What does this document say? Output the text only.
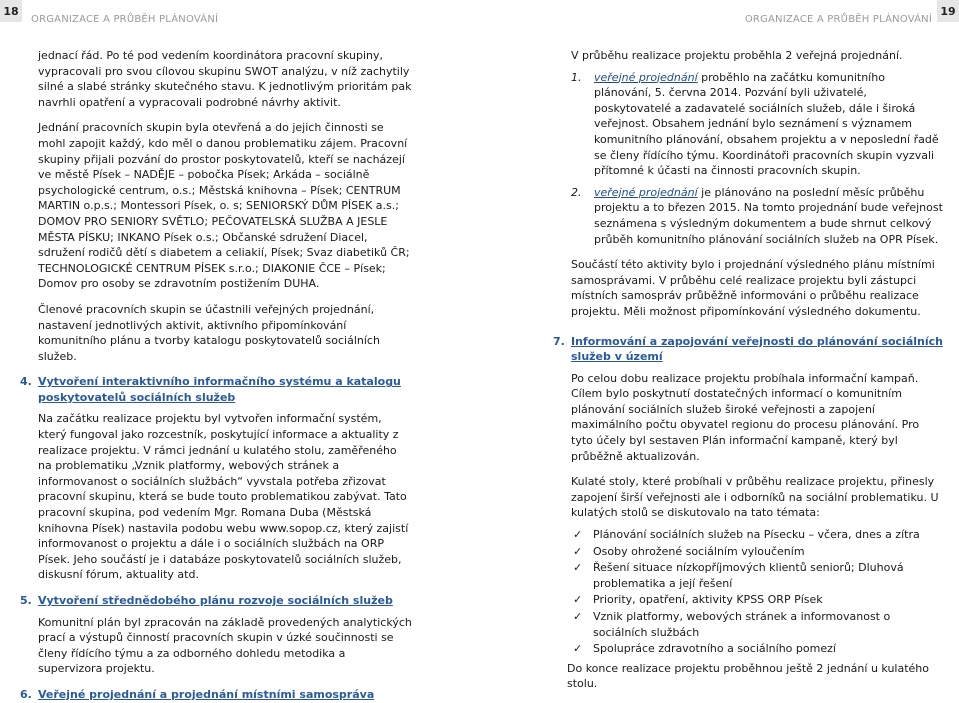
18
ORGANIZACE A PRŮBĚH PLÁNOVÁNÍ	ORGANIZACE A PRŮBĚH PLÁNOVÁNÍ
19

jednací řád. Po té pod vedením koordinátora pracovní skupiny, vypracovali pro svou cílovou skupinu SWOT analýzu, v níž zachytily silné a slabé stránky skutečného stavu. K jednotlivým prioritám pak navrhli opatření a vypracovali podrobné návrhy aktivit.

Jednání pracovních skupin byla otevřená a do jejich činnosti se mohl zapojit každý, kdo měl o danou problematiku zájem. Pracovní skupiny přijali pozvání do prostor poskytovatelů, kteří se nacházejí ve městě Písek – NADĚJE – pobočka Písek; Arkáda – sociálně psychologické centrum, o.s.; Městská knihovna – Písek; CENTRUM MARTIN o.p.s.; Montessori Písek, o. s; SENIORSKÝ DŮM PÍSEK a.s.; DOMOV PRO SENIORY SVĚTLO; PEČOVATELSKÁ SLUŽBA A JESLE MĚSTA PÍSKU; INKANO Písek o.s.; Občanské sdružení Diacel, sdružení rodičů dětí s diabetem a celiakií, Písek; Svaz diabetiků ČR; TECHNOLOGICKÉ CENTRUM PÍSEK s.r.o.; DIAKONIE ČCE – Písek; Domov pro osoby se zdravotním postižením DUHA.

Členové pracovních skupin se účastnili veřejných projednání, nastavení jednotlivých aktivit, aktivního připomínkování komunitního plánu a tvorby katalogu poskytovatelů sociálních služeb.

4. Vytvoření interaktivního informačního systému a katalogu poskytovatelů sociálních služeb

Na začátku realizace projektu byl vytvořen informační systém, který fungoval jako rozcestník, poskytující informace a aktuality z realizace projektu. V rámci jednání u kulatého stolu, zaměřeného na problematiku „Vznik platformy, webových stránek a informovanost o sociálních službách“ vyvstala potřeba zřizovat pracovní skupinu, která se bude touto problematikou zabývat. Tato pracovní skupina, pod vedením Mgr. Romana Duba (Městská knihovna Písek) nastavila podobu webu www.sopop.cz, který zajistí informovanost o projektu a dále i o sociálních službách na ORP Písek. Jeho součástí je i databáze poskytovatelů sociálních služeb, diskusní fórum, aktuality atd.

5. Vytvoření střednědobého plánu rozvoje sociálních služeb

Komunitní plán byl zpracován na základě provedených analytických prací a výstupů činností pracovních skupin v úzké součinnosti se členy řídícího týmu a za odborného dohledu metodika a supervizora projektu.

6. Veřejné projednání a projednání místními samospráva

V průběhu realizace projektu proběhla 2 veřejná projednání.

1. veřejné projednání proběhlo na začátku komunitního plánování, 5. června 2014. Pozvání byli uživatelé, poskytovatelé a zadavatelé sociálních služeb, dále i široká veřejnost. Obsahem jednání bylo seznámení s významem komunitního plánování, obsahem projektu a v neposlední řadě se členy řídícího týmu. Koordinátoři pracovních skupin vyzvali přítomné k účasti na činnosti pracovních skupin.
2. veřejné projednání je plánováno na poslední měsíc průběhu projektu a to březen 2015. Na tomto projednání bude veřejnost seznámena s výsledným dokumentem a bude shrnut celkový průběh komunitního plánování sociálních služeb na OPR Písek.

Součástí této aktivity bylo i projednání výsledného plánu místními samosprávami. V průběhu celé realizace projektu byli zástupci místních samospráv průběžně informováni o průběhu realizace projektu. Měli možnost připomínkování výsledného dokumentu.

7. Informování a zapojování veřejnosti do plánování sociálních služeb v území

Po celou dobu realizace projektu probíhala informační kampaň. Cílem bylo poskytnutí dostatečných informací o komunitním plánování sociálních služeb široké veřejnosti a zapojení maximálního počtu obyvatel regionu do procesu plánování. Pro tyto účely byl sestaven Plán informační kampaně, který byl průběžně aktualizován.

Kulaté stoly, které probíhali v průběhu realizace projektu, přinesly zapojení širší veřejnosti ale i odborníků na sociální problematiku. U kulatých stolů se diskutovalo na tato témata:

✓ Plánování sociálních služeb na Písecku – včera, dnes a zítra
✓ Osoby ohrožené sociálním vyloučením
✓ Řešení situace nízkopříjmových klientů seniorů; Dluhová problematika a její řešení
✓ Priority, opatření, aktivity KPSS ORP Písek
✓ Vznik platformy, webových stránek a informovanost o sociálních službách
✓ Spolupráce zdravotního a sociálního pomezí

Do konce realizace projektu proběhnou ještě 2 jednání u kulatého stolu.
